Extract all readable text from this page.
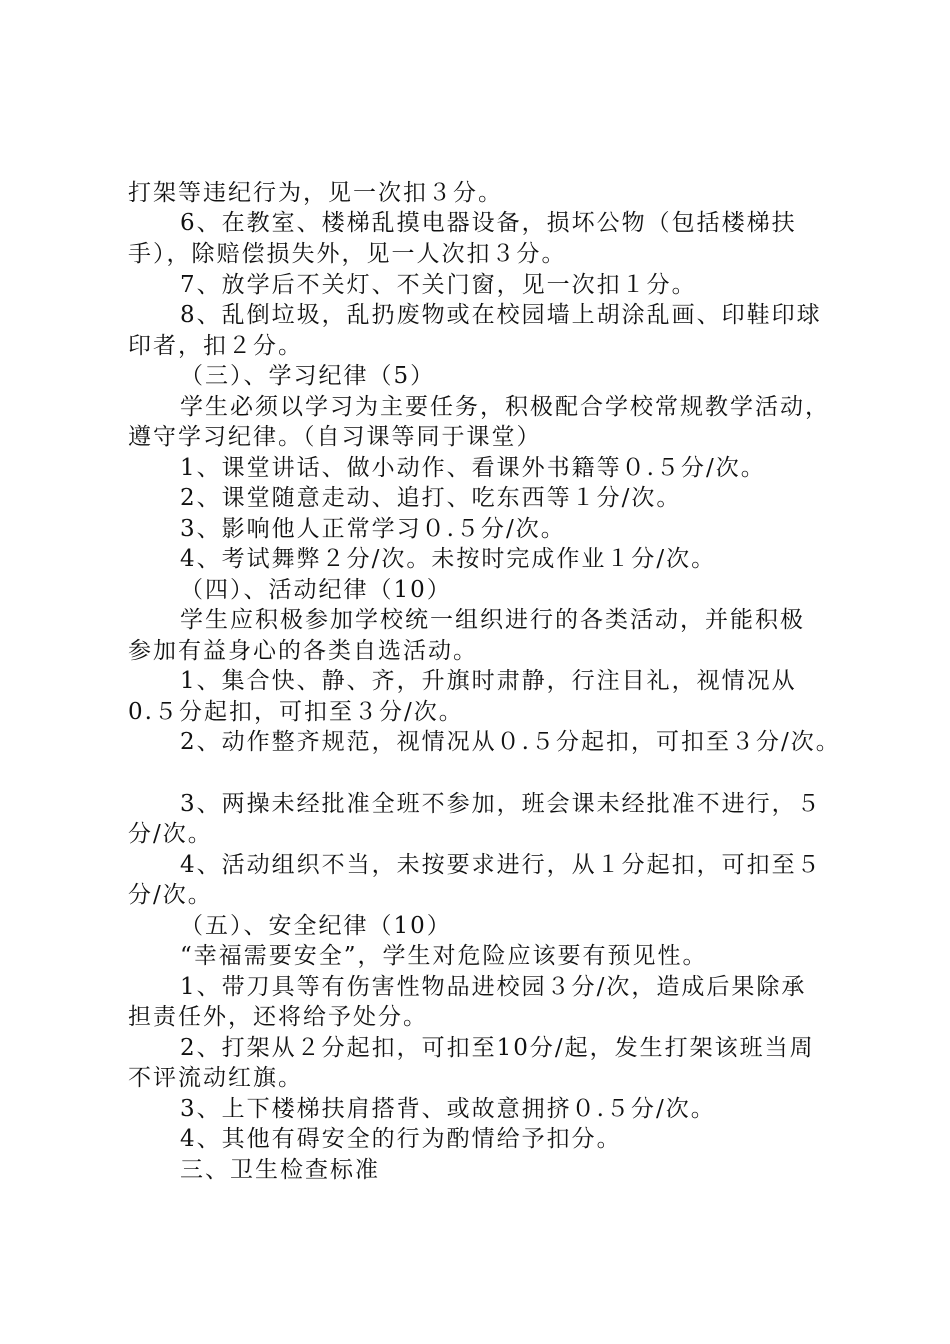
打架等违纪行为，见一次扣３分。
6、在教室、楼梯乱摸电器设备，损坏公物（包括楼梯扶
手），除赔偿损失外，见一人次扣３分。
7、放学后不关灯、不关门窗，见一次扣１分。
8、乱倒垃圾，乱扔废物或在校园墙上胡涂乱画、印鞋印球
印者，扣２分。
（三）、学习纪律（5）
学生必须以学习为主要任务，积极配合学校常规教学活动，
遵守学习纪律。（自习课等同于课堂）
1、课堂讲话、做小动作、看课外书籍等０.５分/次。
2、课堂随意走动、追打、吃东西等１分/次。
3、影响他人正常学习０.５分/次。
4、考试舞弊２分/次。未按时完成作业１分/次。
（四）、活动纪律（10）
学生应积极参加学校统一组织进行的各类活动，并能积极
参加有益身心的各类自选活动。
1、集合快、静、齐，升旗时肃静，行注目礼，视情况从
0.５分起扣，可扣至３分/次。
2、动作整齐规范，视情况从０.５分起扣，可扣至３分/次。
3、两操未经批准全班不参加，班会课未经批准不进行，５
分/次。
4、活动组织不当，未按要求进行，从１分起扣，可扣至５
分/次。
（五）、安全纪律（10）
“幸福需要安全”，学生对危险应该要有预见性。
1、带刀具等有伤害性物品进校园３分/次，造成后果除承
担责任外，还将给予处分。
2、打架从２分起扣，可扣至10分/起，发生打架该班当周
不评流动红旗。
3、上下楼梯扶肩搭背、或故意拥挤０.５分/次。
4、其他有碍安全的行为酌情给予扣分。
三、卫生检查标准
